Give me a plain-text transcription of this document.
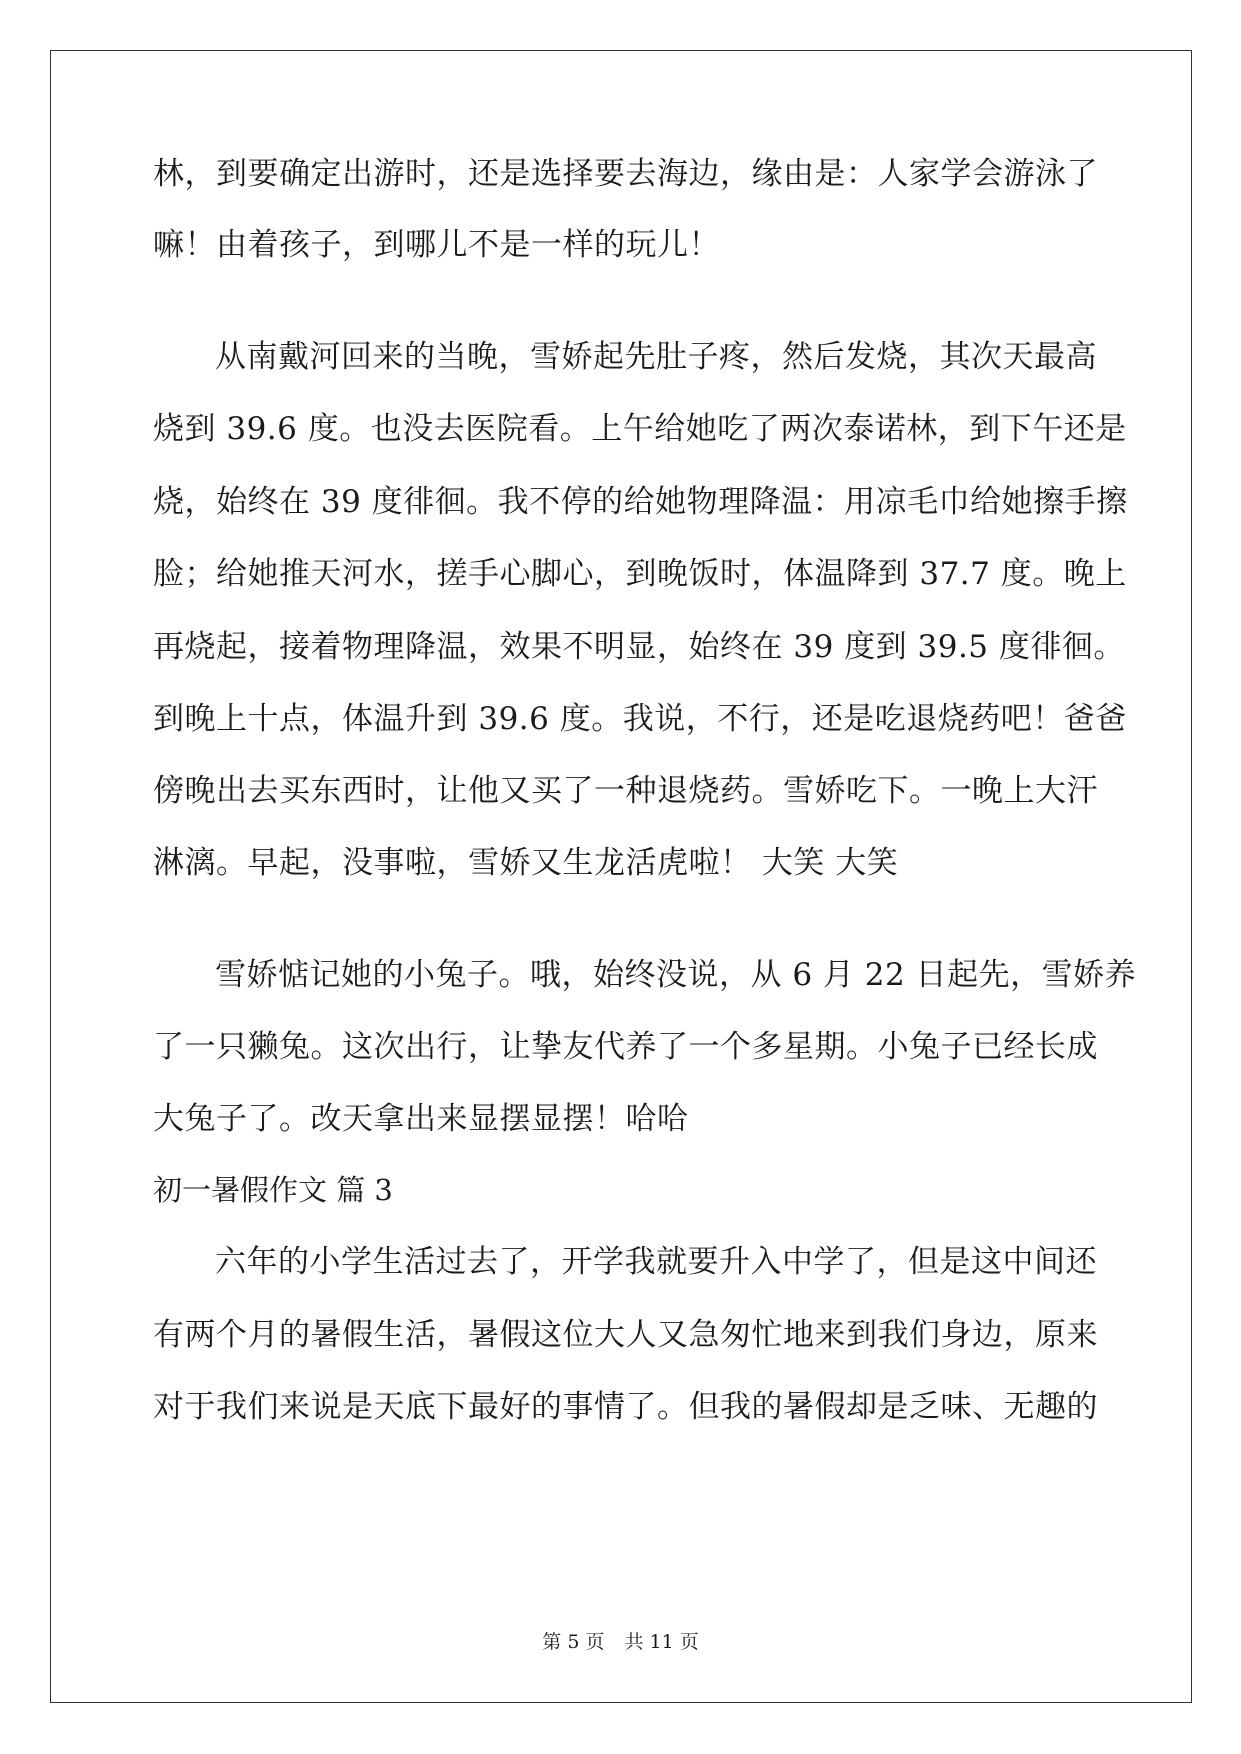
林，到要确定出游时，还是选择要去海边，缘由是：人家学会游泳了
嘛！由着孩子，到哪儿不是一样的玩儿！
从南戴河回来的当晚，雪娇起先肚子疼，然后发烧，其次天最高
烧到 39.6 度。也没去医院看。上午给她吃了两次泰诺林，到下午还是
烧，始终在 39 度徘徊。我不停的给她物理降温：用凉毛巾给她擦手擦
脸；给她推天河水，搓手心脚心，到晚饭时，体温降到 37.7 度。晚上
再烧起，接着物理降温，效果不明显，始终在 39 度到 39.5 度徘徊。
到晚上十点，体温升到 39.6 度。我说，不行，还是吃退烧药吧！爸爸
傍晚出去买东西时，让他又买了一种退烧药。雪娇吃下。一晚上大汗
淋漓。早起，没事啦，雪娇又生龙活虎啦！ 大笑 大笑
雪娇惦记她的小兔子。哦，始终没说，从 6 月 22 日起先，雪娇养
了一只獭兔。这次出行，让挚友代养了一个多星期。小兔子已经长成
大兔子了。改天拿出来显摆显摆！哈哈
初一暑假作文 篇 3
六年的小学生活过去了，开学我就要升入中学了，但是这中间还
有两个月的暑假生活，暑假这位大人又急匆忙地来到我们身边，原来
对于我们来说是天底下最好的事情了。但我的暑假却是乏味、无趣的
第 5 页 共 11 页
